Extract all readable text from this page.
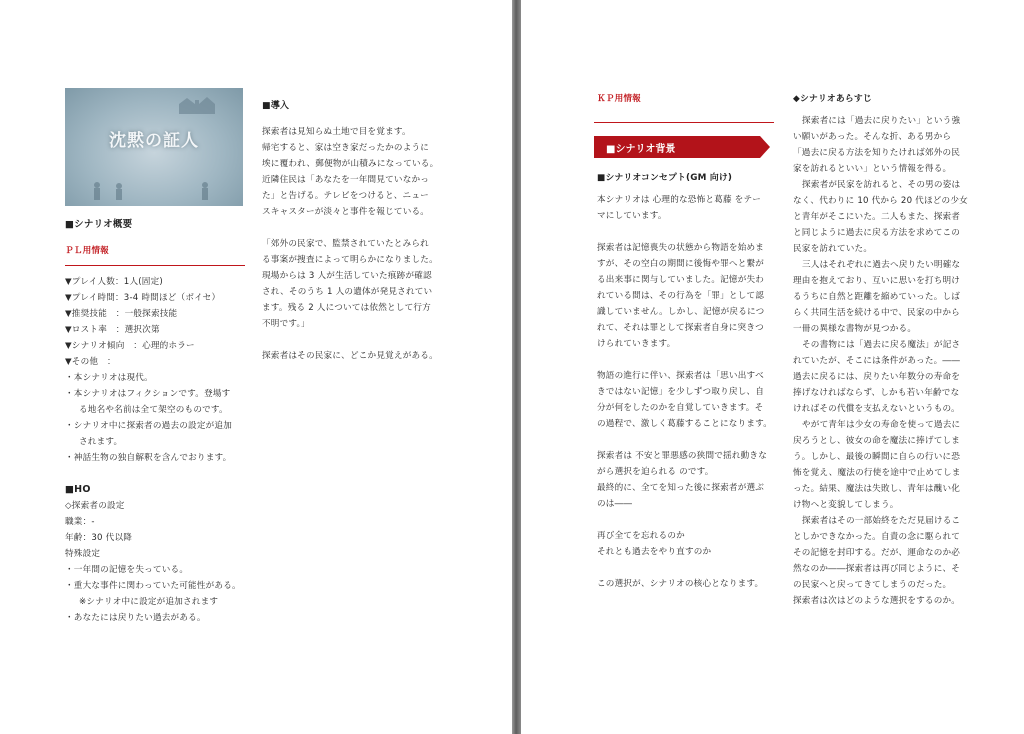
沈黙の証人
■シナリオ概要
ＰＬ用情報
▼プレイ人数：1人(固定)
▼プレイ時間：3-4 時間ほど（ボイセ）
▼推奨技能　：一般探索技能
▼ロスト率　：選択次第
▼シナリオ傾向　：心理的ホラー
▼その他　：
・本シナリオは現代。
・本シナリオはフィクションです。登場す
る地名や名前は全て架空のものです。
・シナリオ中に探索者の過去の設定が追加
されます。
・神話生物の独自解釈を含んでおります。
■HO
◇探索者の設定
職業：-
年齢：30 代以降
特殊設定
・一年間の記憶を失っている。
・重大な事件に関わっていた可能性がある。
※シナリオ中に設定が追加されます
・あなたには戻りたい過去がある。
■導入
探索者は見知らぬ土地で目を覚ます。
帰宅すると、家は空き家だったかのように
埃に覆われ、郵便物が山積みになっている。
近隣住民は「あなたを一年間見ていなかっ
た」と告げる。テレビをつけると、ニュー
スキャスターが淡々と事件を報じている。
「郊外の民家で、監禁されていたとみられ
る事案が捜査によって明らかになりました。
現場からは 3 人が生活していた痕跡が確認
され、そのうち 1 人の遺体が発見されてい
ます。残る 2 人については依然として行方
不明です。」
探索者はその民家に、どこか見覚えがある。
ＫＰ用情報
■シナリオ背景
■シナリオコンセプト(GM 向け)
本シナリオは 心理的な恐怖と葛藤 をテー
マにしています。
探索者は記憶喪失の状態から物語を始めま
すが、その空白の期間に後悔や罪へと繋が
る出来事に関与していました。記憶が失わ
れている間は、その行為を「罪」として認
識していません。しかし、記憶が戻るにつ
れて、それは罪として探索者自身に突きつ
けられていきます。
物語の進行に伴い、探索者は「思い出すべ
きではない記憶」を少しずつ取り戻し、自
分が何をしたのかを自覚していきます。そ
の過程で、激しく葛藤することになります。
探索者は 不安と罪悪感の狭間で揺れ動きな
がら選択を迫られる のです。
最終的に、全てを知った後に探索者が選ぶ
のは――
再び全てを忘れるのか
それとも過去をやり直すのか
この選択が、シナリオの核心となります。
◆シナリオあらすじ
探索者には「過去に戻りたい」という強
い願いがあった。そんな折、ある男から
「過去に戻る方法を知りたければ郊外の民
家を訪れるといい」という情報を得る。
探索者が民家を訪れると、その男の姿は
なく、代わりに 10 代から 20 代ほどの少女
と青年がそこにいた。二人もまた、探索者
と同じように過去に戻る方法を求めてこの
民家を訪れていた。
三人はそれぞれに過去へ戻りたい明確な
理由を抱えており、互いに思いを打ち明け
るうちに自然と距離を縮めていった。しば
らく共同生活を続ける中で、民家の中から
一冊の異様な書物が見つかる。
その書物には「過去に戻る魔法」が記さ
れていたが、そこには条件があった。――
過去に戻るには、戻りたい年数分の寿命を
捧げなければならず、しかも若い年齢でな
ければその代償を支払えないというもの。
やがて青年は少女の寿命を使って過去に
戻ろうとし、彼女の命を魔法に捧げてしま
う。しかし、最後の瞬間に自らの行いに恐
怖を覚え、魔法の行使を途中で止めてしま
った。結果、魔法は失敗し、青年は醜い化
け物へと変貌してしまう。
探索者はその一部始終をただ見届けるこ
としかできなかった。自責の念に駆られて
その記憶を封印する。だが、運命なのか必
然なのか――探索者は再び同じように、そ
の民家へと戻ってきてしまうのだった。
探索者は次はどのような選択をするのか。
